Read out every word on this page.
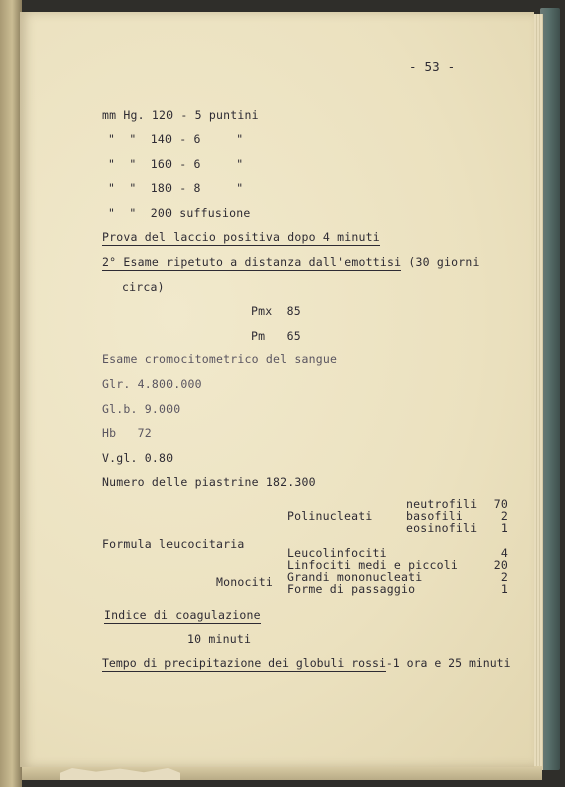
- 53 -
mm Hg. 120 - 5 puntini
"  "  140 - 6     "
"  "  160 - 6     "
"  "  180 - 8     "
"  "  200 suffusione
Prova del laccio positiva dopo 4 minuti
2° Esame ripetuto a distanza dall'emottisi (30 giorni
circa)
Pmx  85
Pm   65
Esame cromocitometrico del sangue
Glr. 4.800.000
Gl.b. 9.000
Hb   72
V.gl. 0.80
Numero delle piastrine 182.300
neutrofili	70
Polinucleati	basofili	2
eosinofili	1
Formula leucocitaria
Leucolinfociti	4
Linfociti medi e piccoli	20
Monociti Grandi mononucleati	2
Forme di passaggio	1
Indice di coagulazione
10 minuti
Tempo di precipitazione dei globuli rossi-1 ora e 25 minuti
